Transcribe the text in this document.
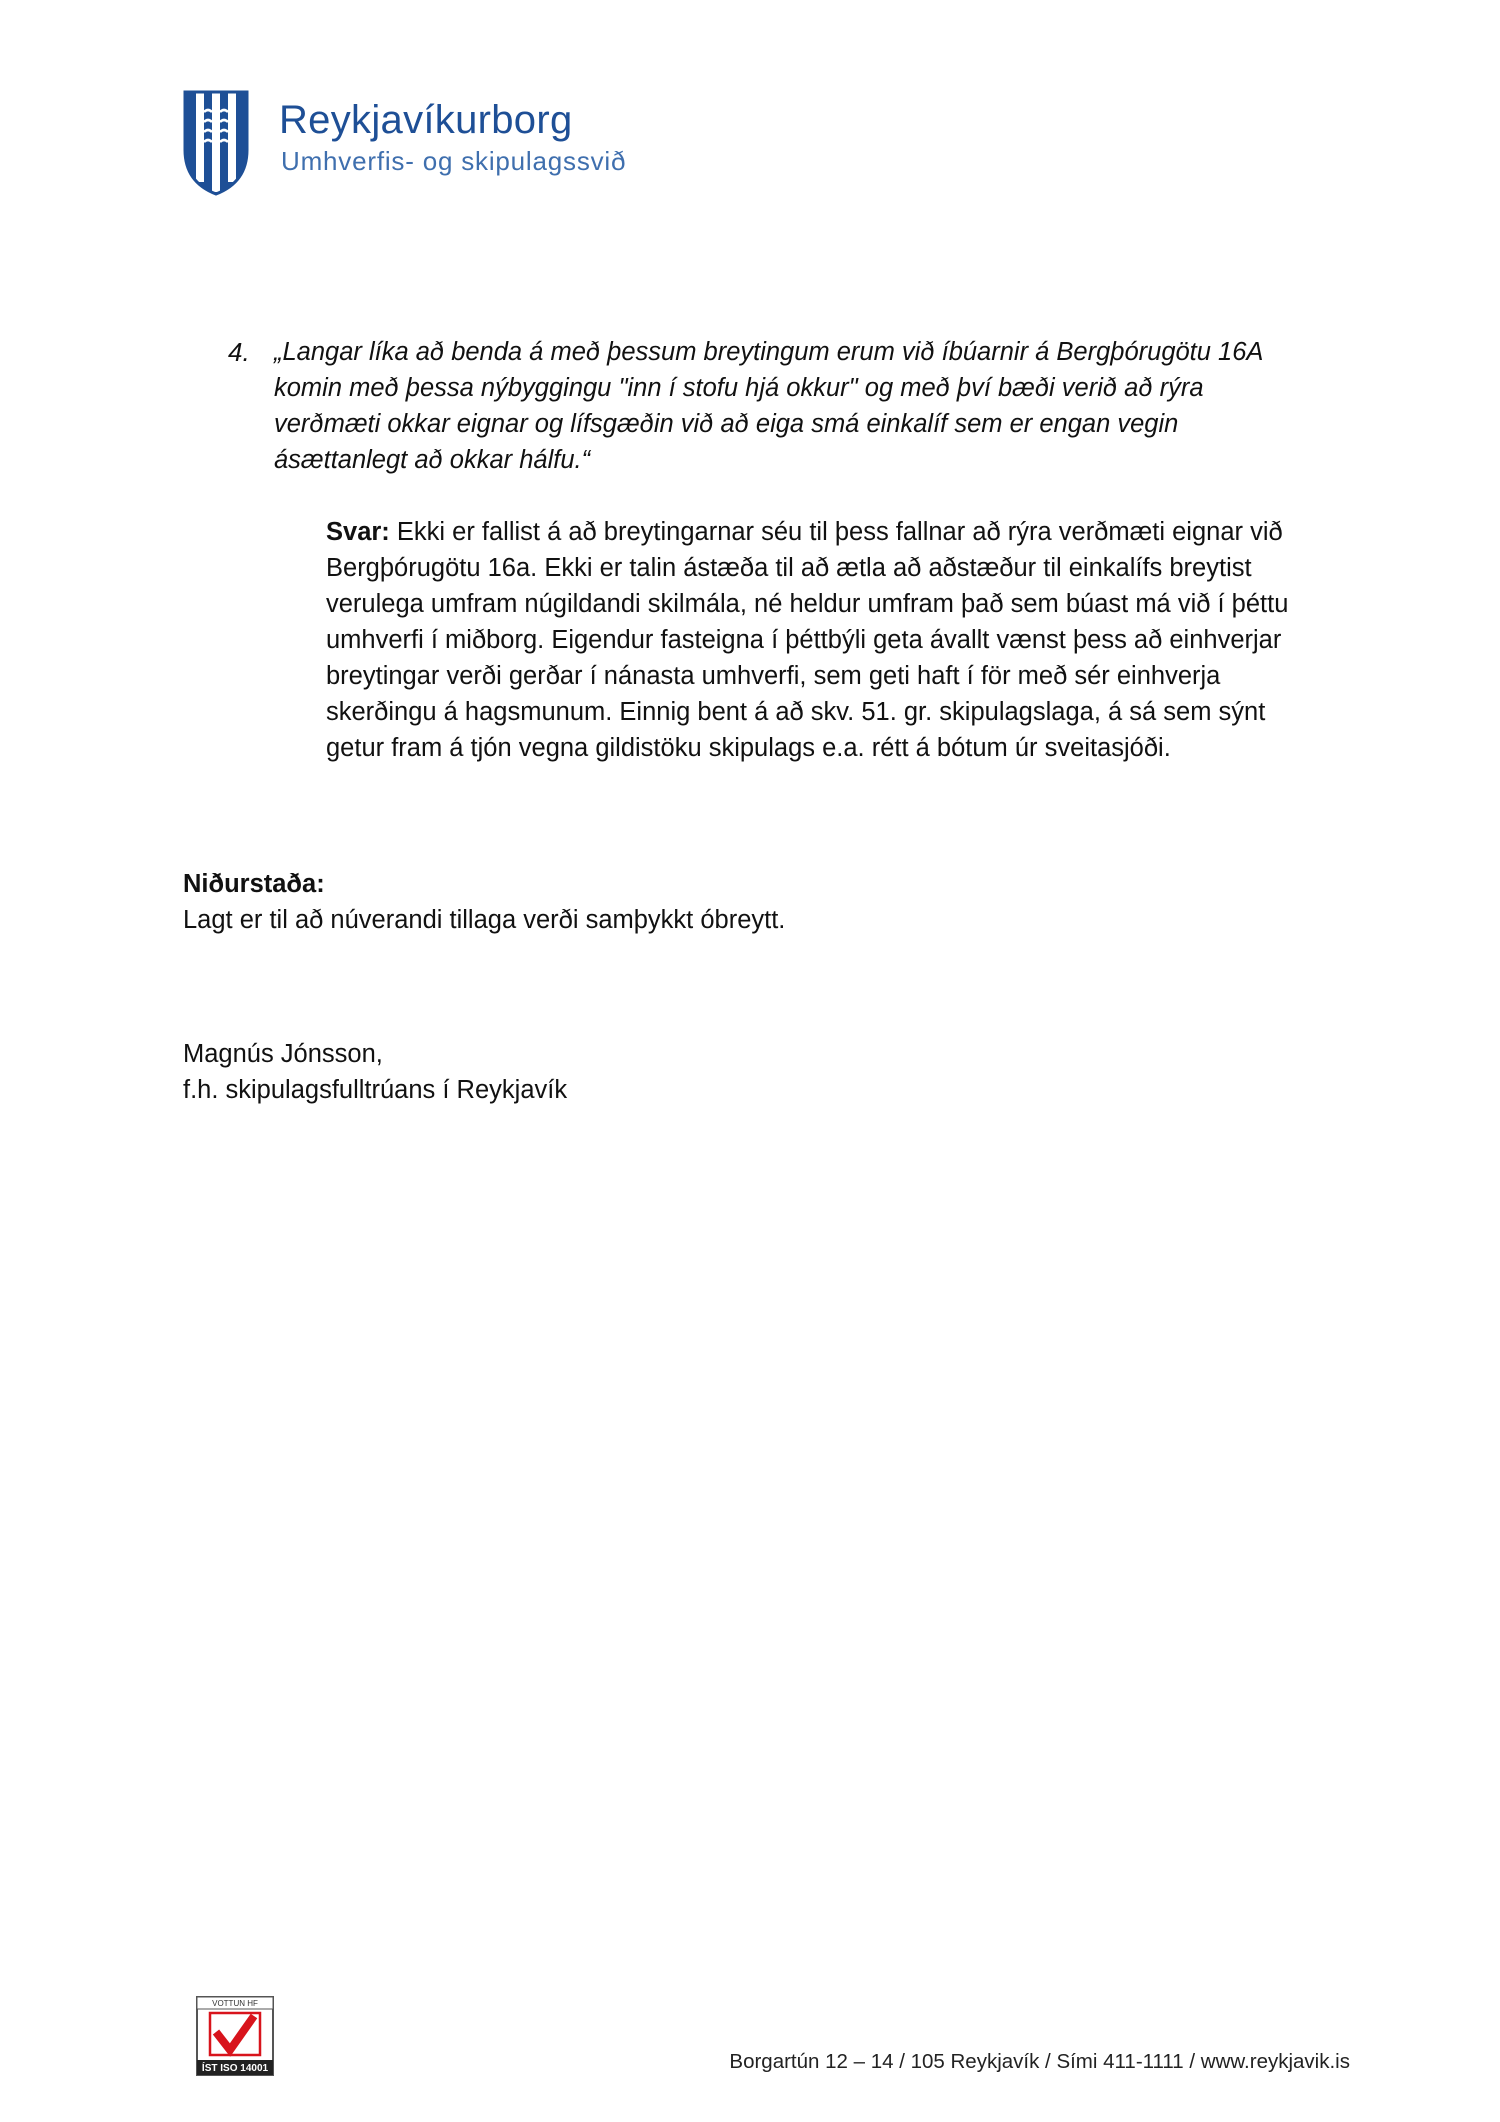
Reykjavíkurborg
Umhverfis- og skipulagssvið
4. „Langar líka að benda á með þessum breytingum erum við íbúarnir á Bergþórugötu 16A komin með þessa nýbyggingu "inn í stofu hjá okkur" og með því bæði verið að rýra verðmæti okkar eignar og lífsgæðin við að eiga smá einkalíf sem er engan vegin ásættanlegt að okkar hálfu.“

Svar: Ekki er fallist á að breytingarnar séu til þess fallnar að rýra verðmæti eignar við Bergþórugötu 16a. Ekki er talin ástæða til að ætla að aðstæður til einkalífs breytist verulega umfram núgildandi skilmála, né heldur umfram það sem búast má við í þéttu umhverfi í miðborg. Eigendur fasteigna í þéttbýli geta ávallt vænst þess að einhverjar breytingar verði gerðar í nánasta umhverfi, sem geti haft í för með sér einhverja skerðingu á hagsmunum. Einnig bent á að skv. 51. gr. skipulagslaga, á sá sem sýnt getur fram á tjón vegna gildistöku skipulags e.a. rétt á bótum úr sveitasjóði.

Niðurstaða:

Lagt er til að núverandi tillaga verði samþykkt óbreytt.

Magnús Jónsson,

f.h. skipulagsfulltrúans í Reykjavík

VOTTUN HF
ÍST ISO 14001	Borgartún 12 – 14 / 105 Reykjavík / Sími 411-1111 / www.reykjavik.is
